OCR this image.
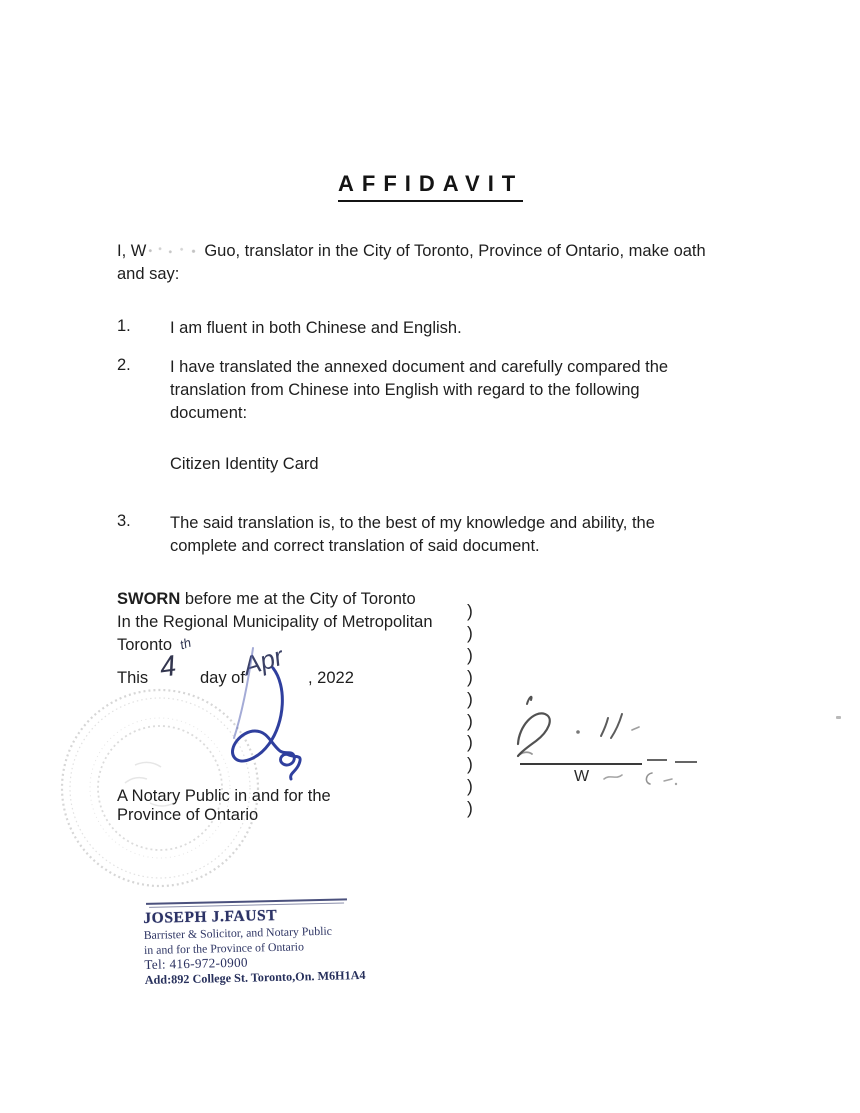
AFFIDAVIT
I, W	Guo, translator in the City of Toronto, Province of Ontario, make oath
and say:
1. I am fluent in both Chinese and English.
2. I have translated the annexed document and carefully compared the
translation from Chinese into English with regard to the following
document:
Citizen Identity Card
3. The said translation is, to the best of my knowledge and ability, the
complete and correct translation of said document.
SWORN before me at the City of Toronto
In the Regional Municipality of Metropolitan
Toronto
This 4
th
day of
Apr , 2022
)
)
)
)
)
)
)
)
)
)
A Notary Public in and for the
Province of Ontario
W
JOSEPH J.FAUST
Barrister & Solicitor, and Notary Public
in and for the Province of Ontario
Tel: 416-972-0900
Add:892 College St. Toronto,On. M6H1A4
